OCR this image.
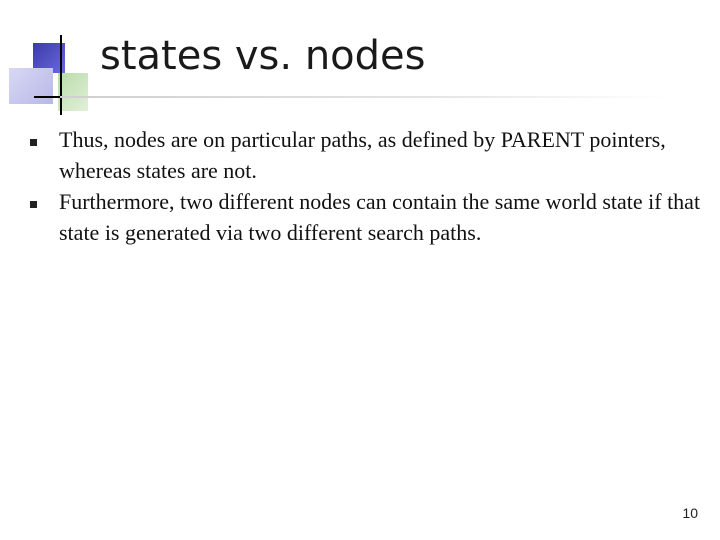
states vs. nodes
Thus, nodes are on particular paths, as defined by PARENT pointers, whereas states are not.
Furthermore, two different nodes can contain the same world state if that state is generated via two different search paths.
10
